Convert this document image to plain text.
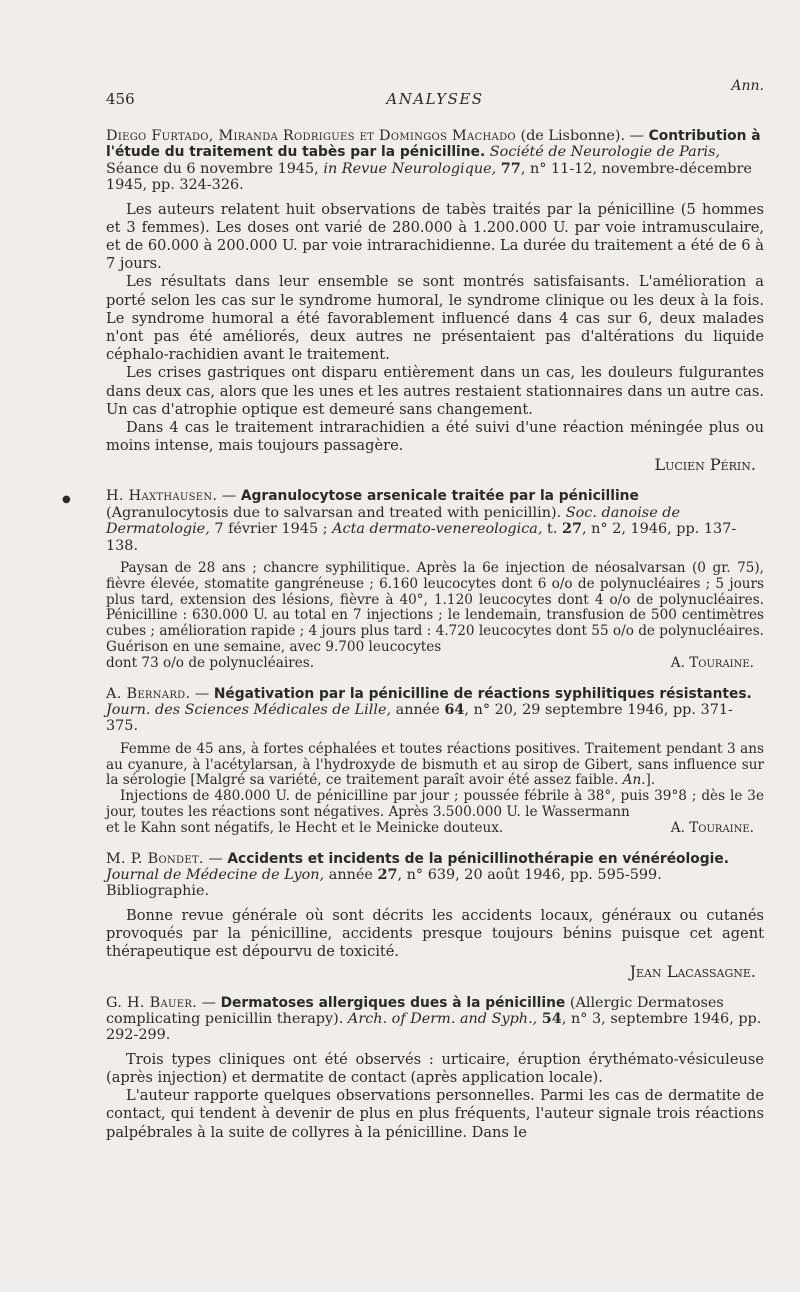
Ann.
456	ANALYSES
●
Diego Furtado, Miranda Rodrigues et Domingos Machado (de Lisbonne). — Contribution à l'étude du traitement du tabès par la pénicilline. Société de Neurologie de Paris, Séance du 6 novembre 1945, in Revue Neurologique, 77, n° 11-12, novembre-décembre 1945, pp. 324-326.

Les auteurs relatent huit observations de tabès traités par la pénicilline (5 hommes et 3 femmes). Les doses ont varié de 280.000 à 1.200.000 U. par voie intramusculaire, et de 60.000 à 200.000 U. par voie intrarachidienne. La durée du traitement a été de 6 à 7 jours.

Les résultats dans leur ensemble se sont montrés satisfaisants. L'amélioration a porté selon les cas sur le syndrome humoral, le syndrome clinique ou les deux à la fois. Le syndrome humoral a été favorablement influencé dans 4 cas sur 6, deux malades n'ont pas été améliorés, deux autres ne présentaient pas d'altérations du liquide céphalo-rachidien avant le traitement.

Les crises gastriques ont disparu entièrement dans un cas, les douleurs fulgurantes dans deux cas, alors que les unes et les autres restaient stationnaires dans un autre cas. Un cas d'atrophie optique est demeuré sans changement.

Dans 4 cas le traitement intrarachidien a été suivi d'une réaction méningée plus ou moins intense, mais toujours passagère.

Lucien Périn.
H. Haxthausen. — Agranulocytose arsenicale traitée par la pénicilline (Agranulocytosis due to salvarsan and treated with penicillin). Soc. danoise de Dermatologie, 7 février 1945 ; Acta dermato-venereologica, t. 27, n° 2, 1946, pp. 137-138.

Paysan de 28 ans ; chancre syphilitique. Après la 6e injection de néosalvarsan (0 gr. 75), fièvre élevée, stomatite gangréneuse ; 6.160 leucocytes dont 6 o/o de polynucléaires ; 5 jours plus tard, extension des lésions, fièvre à 40°, 1.120 leucocytes dont 4 o/o de polynucléaires. Pénicilline : 630.000 U. au total en 7 injections ; le lendemain, transfusion de 500 centimètres cubes ; amélioration rapide ; 4 jours plus tard : 4.720 leucocytes dont 55 o/o de polynucléaires. Guérison en une semaine, avec 9.700 leucocytes

dont 73 o/o de polynucléaires.	A. Touraine.
A. Bernard. — Négativation par la pénicilline de réactions syphilitiques résistantes. Journ. des Sciences Médicales de Lille, année 64, n° 20, 29 septembre 1946, pp. 371-375.

Femme de 45 ans, à fortes céphalées et toutes réactions positives. Traitement pendant 3 ans au cyanure, à l'acétylarsan, à l'hydroxyde de bismuth et au sirop de Gibert, sans influence sur la sérologie [Malgré sa variété, ce traitement paraît avoir été assez faible. An.].

Injections de 480.000 U. de pénicilline par jour ; poussée fébrile à 38°, puis 39°8 ; dès le 3e jour, toutes les réactions sont négatives. Après 3.500.000 U. le Wassermann

et le Kahn sont négatifs, le Hecht et le Meinicke douteux.	A. Touraine.
M. P. Bondet. — Accidents et incidents de la pénicillinothérapie en vénéréologie. Journal de Médecine de Lyon, année 27, n° 639, 20 août 1946, pp. 595-599. Bibliographie.

Bonne revue générale où sont décrits les accidents locaux, généraux ou cutanés provoqués par la pénicilline, accidents presque toujours bénins puisque cet agent thérapeutique est dépourvu de toxicité.

Jean Lacassagne.
G. H. Bauer. — Dermatoses allergiques dues à la pénicilline (Allergic Dermatoses complicating penicillin therapy). Arch. of Derm. and Syph., 54, n° 3, septembre 1946, pp. 292-299.

Trois types cliniques ont été observés : urticaire, éruption érythémato-vésiculeuse (après injection) et dermatite de contact (après application locale).

L'auteur rapporte quelques observations personnelles. Parmi les cas de dermatite de contact, qui tendent à devenir de plus en plus fréquents, l'auteur signale trois réactions palpébrales à la suite de collyres à la pénicilline. Dans le
